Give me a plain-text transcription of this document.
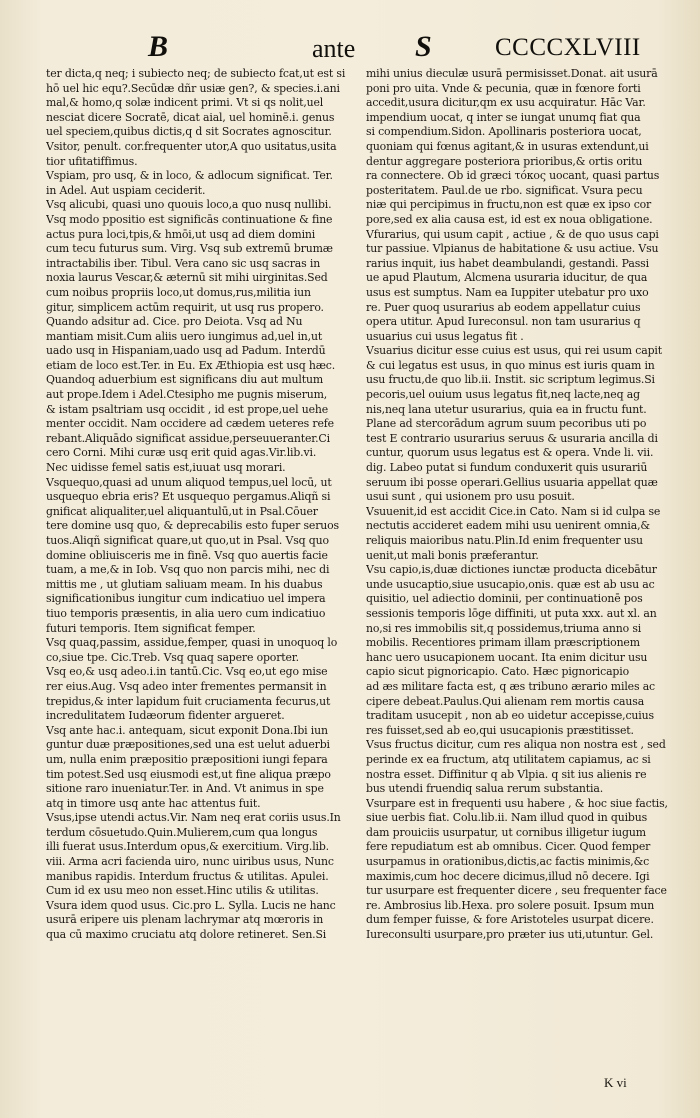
B	ante S	CCCCXLVIII
ter dicta,q neq; i subiecto neq; de subiecto fcat,ut est si
hō uel hic equ?.Secūdæ dñr usiæ gen?, & species.i.ani
mal,& homo,q solæ indicent primi. Vt si qs nolit,uel
nesciat dicere Socratē, dicat aial, uel hominē.i. genus
uel speciem,quibus dictis,q d sit Socrates agnoscitur.
Vsitor, penult. cor.frequenter utor,A quo usitatus,usita
tior ufitatiffimus.
Vspiam, pro usq, & in loco, & adlocum significat. Ter.
in Adel. Aut uspiam ceciderit.
Vsq alicubi, quasi uno quouis loco,a quo nusq nullibi.
Vsq modo ppositio est significās continuatione & fine
actus pura loci,tpis,& hmōi,ut usq ad diem domini
cum tecu futurus sum. Virg. Vsq sub extremū brumæ
intractabilis iber. Tibul. Vera cano sic usq sacras in
noxia laurus Vescar,& æternū sit mihi uirginitas.Sed
cum noibus propriis loco,ut domus,rus,militia iun
gitur, simplicem actūm requirit, ut usq rus propero.
Quando adsitur ad. Cice. pro Deiota. Vsq ad Nu
mantiam misit.Cum aliis uero iungimus ad,uel in,ut
uado usq in Hispaniam,uado usq ad Padum. Interdū
etiam de loco est.Ter. in Eu. Ex Æthiopia est usq hæc.
Quandoq aduerbium est significans diu aut multum
aut prope.Idem i Adel.Ctesipho me pugnis miserum,
& istam psaltriam usq occidit , id est prope,uel uehe
menter occidit. Nam occidere ad cædem ueteres refe
rebant.Aliquādo significat assidue,perseuueranter.Ci
cero Corni. Mihi curæ usq erit quid agas.Vir.lib.vi.
Nec uidisse femel satis est,iuuat usq morari.
Vsquequo,quasi ad unum aliquod tempus,uel locū, ut
usquequo ebria eris? Et usquequo pergamus.Aliqñ si
gnificat aliqualiter,uel aliquantulū,ut in Psal.Cōuer
tere domine usq quo, & deprecabilis esto fuper seruos
tuos.Aliqñ significat quare,ut quo,ut in Psal. Vsq quo
domine obliuisceris me in finē. Vsq quo auertis facie
tuam, a me,& in Iob. Vsq quo non parcis mihi, nec di
mittis me , ut glutiam saliuam meam. In his duabus
significationibus iungitur cum indicatiuo uel impera
tiuo temporis præsentis, in alia uero cum indicatiuo
futuri temporis. Item significat femper.
Vsq quaq,passim, assidue,femper, quasi in unoquoq lo
co,siue tpe. Cic.Treb. Vsq quaq sapere oporter.
Vsq eo,& usq adeo.i.in tantū.Cic. Vsq eo,ut ego mise
rer eius.Aug. Vsq adeo inter frementes permansit in
trepidus,& inter lapidum fuit cruciamenta fecurus,ut
incredulitatem Iudæorum fidenter argueret.
Vsq ante hac.i. antequam, sicut exponit Dona.Ibi iun
guntur duæ præpositiones,sed una est uelut aduerbi
um, nulla enim præpositio præpositioni iungi fepara
tim potest.Sed usq eiusmodi est,ut fine aliqua præpo
sitione raro inueniatur.Ter. in And. Vt animus in spe
atq in timore usq ante hac attentus fuit.
Vsus,ipse utendi actus.Vir. Nam neq erat coriis usus.In
terdum cōsuetudo.Quin.Mulierem,cum qua longus
illi fuerat usus.Interdum opus,& exercitium. Virg.lib.
viii. Arma acri facienda uiro, nunc uiribus usus, Nunc
manibus rapidis. Interdum fructus & utilitas. Apulei.
Cum id ex usu meo non esset.Hinc utilis & utilitas.
Vsura idem quod usus. Cic.pro L. Sylla. Lucis ne hanc
usurā eripere uis plenam lachrymar atq mœroris in
qua cū maximo cruciatu atq dolore retineret. Sen.Si
mihi unius dieculæ usurā permisisset.Donat. ait usurā
poni pro uita. Vnde & pecunia, quæ in fœnore forti
accedit,usura dicitur,qm ex usu acquiratur. Hāc Var.
impendium uocat, q inter se iungat unumq fiat qua
si compendium.Sidon. Apollinaris posteriora uocat,
quoniam qui fœnus agitant,& in usuras extendunt,ui
dentur aggregare posteriora prioribus,& ortis oritu
ra connectere. Ob id græci τόκος uocant, quasi partus
posteritatem. Paul.de ue rbo. significat. Vsura pecu
niæ qui percipimus in fructu,non est quæ ex ipso cor
pore,sed ex alia causa est, id est ex noua obligatione.
Vfurarius, qui usum capit , actiue , & de quo usus capi
tur passiue. Vlpianus de habitatione & usu actiue. Vsu
rarius inquit, ius habet deambulandi, gestandi. Passi
ue apud Plautum, Alcmena usuraria iducitur, de qua
usus est sumptus. Nam ea Iuppiter utebatur pro uxo
re. Puer quoq usurarius ab eodem appellatur cuius
opera utitur. Apud Iureconsul. non tam usurarius q
usuarius cui usus legatus fit .
Vsuarius dicitur esse cuius est usus, qui rei usum capit
& cui legatus est usus, in quo minus est iuris quam in
usu fructu,de quo lib.ii. Instit. sic scriptum legimus.Si
pecoris,uel ouium usus legatus fit,neq lacte,neq ag
nis,neq lana utetur usurarius, quia ea in fructu funt.
Plane ad stercorādum agrum suum pecoribus uti po
test E contrario usurarius seruus & usuraria ancilla di
cuntur, quorum usus legatus est & opera. Vnde li. vii.
dig. Labeo putat si fundum conduxerit quis usurariū
seruum ibi posse operari.Gellius usuaria appellat quæ
usui sunt , qui usionem pro usu posuit.
Vsuuenit,id est accidit Cice.in Cato. Nam si id culpa se
nectutis accideret eadem mihi usu uenirent omnia,&
reliquis maioribus natu.Plin.Id enim frequenter usu
uenit,ut mali bonis præferantur.
Vsu capio,is,duæ dictiones iunctæ producta dicebātur
unde usucaptio,siue usucapio,onis. quæ est ab usu ac
quisitio, uel adiectio dominii, per continuationē pos
sessionis temporis lōge diffiniti, ut puta xxx. aut xl. an
no,si res immobilis sit,q possidemus,triuma anno si
mobilis. Recentiores primam illam præscriptionem
hanc uero usucapionem uocant. Ita enim dicitur usu
capio sicut pignoricapio. Cato. Hæc pignoricapio
ad æs militare facta est, q æs tribuno ærario miles ac
cipere debeat.Paulus.Qui alienam rem mortis causa
traditam usucepit , non ab eo uidetur accepisse,cuius
res fuisset,sed ab eo,qui usucapionis præstitisset.
Vsus fructus dicitur, cum res aliqua non nostra est , sed
perinde ex ea fructum, atq utilitatem capiamus, ac si
nostra esset. Diffinitur q ab Vlpia. q sit ius alienis re
bus utendi fruendiq salua rerum substantia.
Vsurpare est in frequenti usu habere , & hoc siue factis,
siue uerbis fiat. Colu.lib.ii. Nam illud quod in quibus
dam prouiciis usurpatur, ut cornibus illigetur iugum
fere repudiatum est ab omnibus. Cicer. Quod femper
usurpamus in orationibus,dictis,ac factis minimis,&c
maximis,cum hoc decere dicimus,illud nō decere. Igi
tur usurpare est frequenter dicere , seu frequenter face
re. Ambrosius lib.Hexa. pro solere posuit. Ipsum mun
dum femper fuisse, & fore Aristoteles usurpat dicere.
Iureconsulti usurpare,pro præter ius uti,utuntur. Gel.
K vi
